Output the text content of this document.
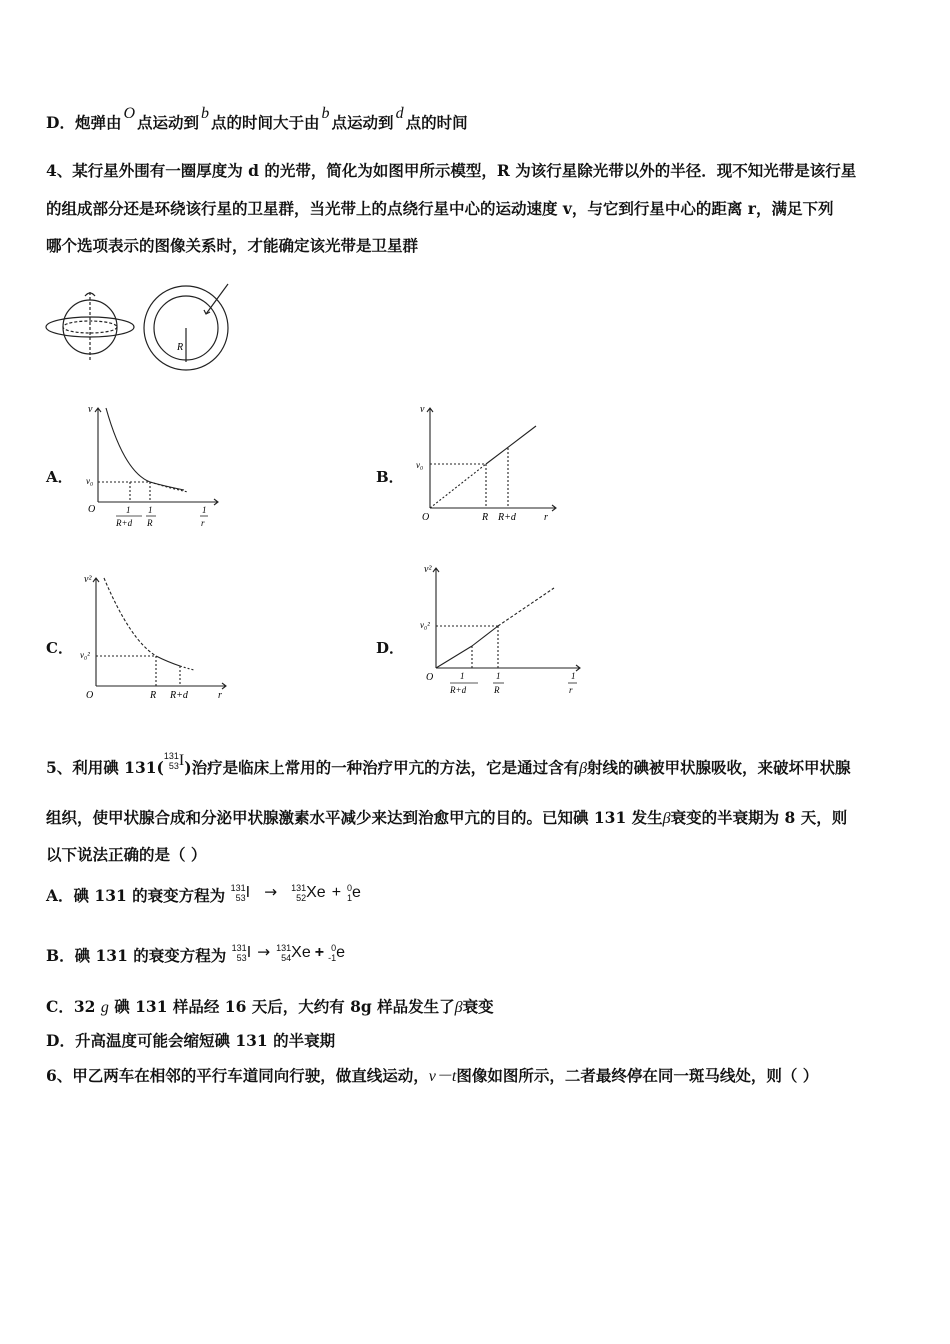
D．炮弹由 O 点运动到 b 点的时间大于由 b 点运动到 d 点的时间
4、某行星外围有一圈厚度为 d 的光带，简化为如图甲所示模型，R 为该行星除光带以外的半径．现不知光带是该行星
的组成部分还是环绕该行星的卫星群，当光带上的点绕行星中心的运动速度 v，与它到行星中心的距离 r，满足下列
哪个选项表示的图像关系时，才能确定该光带是卫星群
R
A．	B．
C．	D．
v
v₀
O	1
R+d
1
R
1
r
v
v₀
O	R R+d	r
v²
v₀²
O	R R+d	r
v²
v₀²
O	1
R+d
1
R
1
r
5、利用碘 131(
131
53 I)治疗是临床上常用的一种治疗甲亢的方法，它是通过含有β射线的碘被甲状腺吸收，来破坏甲状腺
组织，使甲状腺合成和分泌甲状腺激素水平减少来达到治愈甲亢的目的。已知碘 131 发生β衰变的半衰期为 8 天，则
以下说法正确的是（ ）
A．碘 131 的衰变方程为 131
53 I → 131
52 Xe + 0
1 e
B．碘 131 的衰变方程为 131
53 I → 131
54 Xe + 0
-1 e
C．32 g 碘 131 样品经 16 天后，大约有 8g 样品发生了β衰变
D．升高温度可能会缩短碘 131 的半衰期
6、甲乙两车在相邻的平行车道同向行驶，做直线运动，v－t图像如图所示，二者最终停在同一斑马线处，则（ ）
